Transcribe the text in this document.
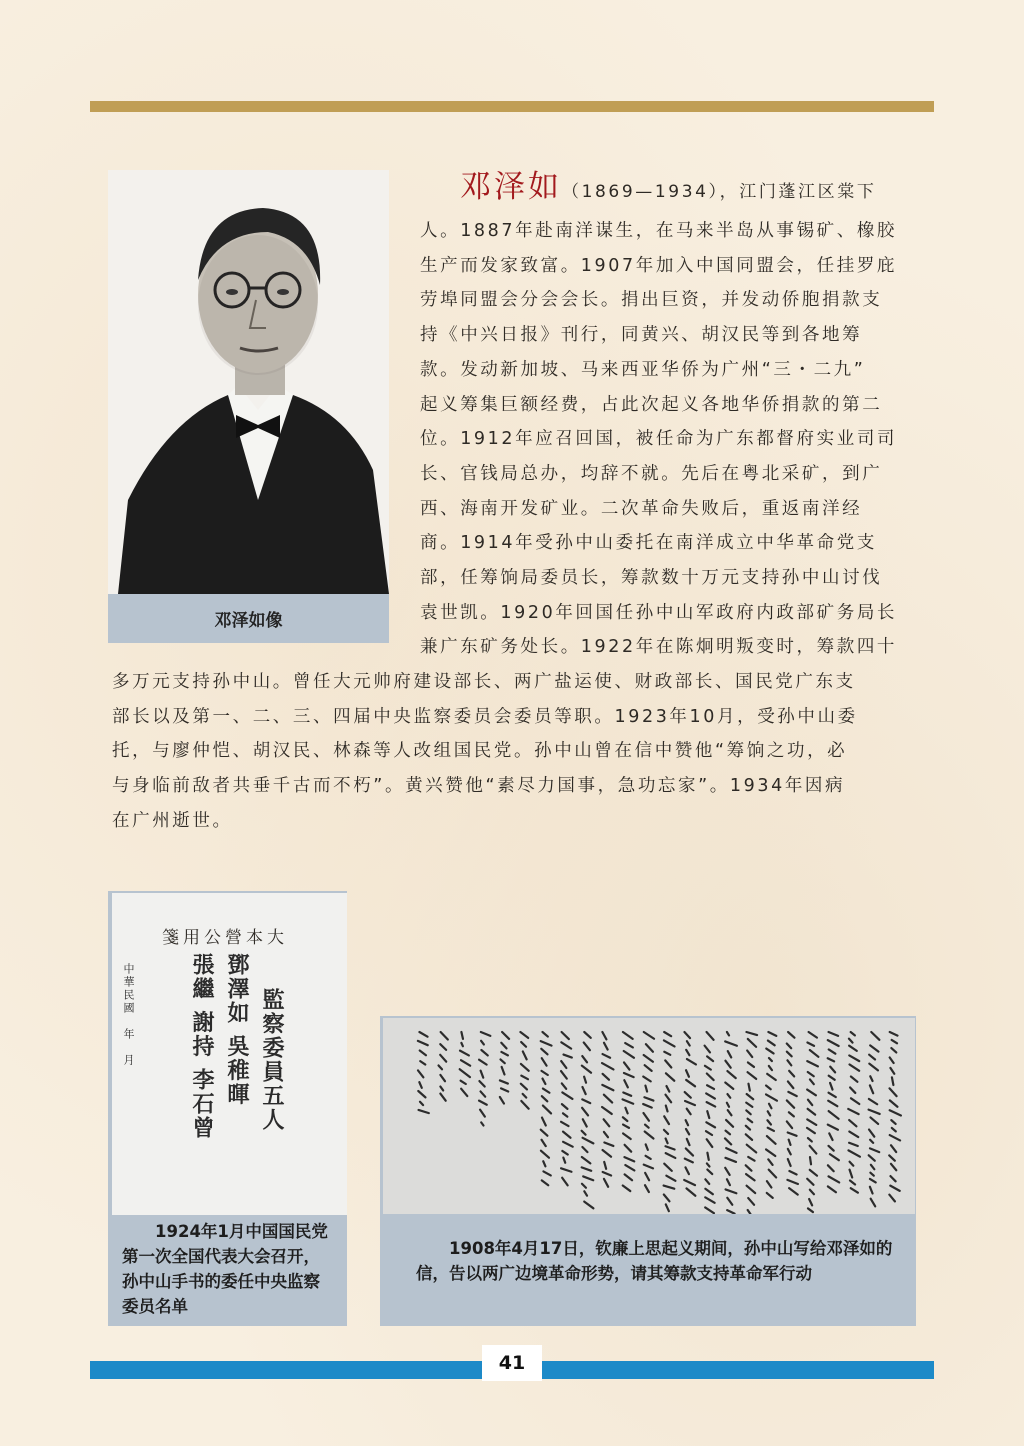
邓泽如像
邓泽如（1869—1934），江门蓬江区棠下
人。1887年赴南洋谋生，在马来半岛从事锡矿、橡胶
生产而发家致富。1907年加入中国同盟会，任挂罗庇
劳埠同盟会分会会长。捐出巨资，并发动侨胞捐款支
持《中兴日报》刊行，同黄兴、胡汉民等到各地筹
款。发动新加坡、马来西亚华侨为广州“三・二九”
起义筹集巨额经费，占此次起义各地华侨捐款的第二
位。1912年应召回国，被任命为广东都督府实业司司
长、官钱局总办，均辞不就。先后在粤北采矿，到广
西、海南开发矿业。二次革命失败后，重返南洋经
商。1914年受孙中山委托在南洋成立中华革命党支
部，任筹饷局委员长，筹款数十万元支持孙中山讨伐
袁世凯。1920年回国任孙中山军政府内政部矿务局长
兼广东矿务处长。1922年在陈炯明叛变时，筹款四十
多万元支持孙中山。曾任大元帅府建设部长、两广盐运使、财政部长、国民党广东支
部长以及第一、二、三、四届中央监察委员会委员等职。1923年10月，受孙中山委
托，与廖仲恺、胡汉民、林森等人改组国民党。孙中山曾在信中赞他“筹饷之功，必
与身临前敌者共垂千古而不朽”。黄兴赞他“素尽力国事，急功忘家”。1934年因病
在广州逝世。
中華民國　年　月	監察委員五人
鄧澤如 吳稚暉
張繼 謝持 李石曾
大本營公用箋
1924年1月中国国民党第一次全国代表大会召开，孙中山手书的委任中央监察委员名单
1908年4月17日，钦廉上思起义期间，孙中山写给邓泽如的信，告以两广边境革命形势，请其筹款支持革命军行动
41
